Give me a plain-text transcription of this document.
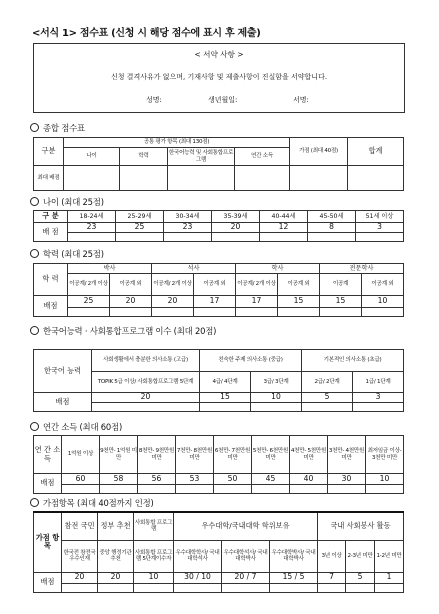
<서식 1> 점수표 (신청 시 해당 점수에 표시 후 제출)
< 서약 사항 >
신청 결격사유가 없으며, 기재사항 및 제출사항이 진실함을 서약합니다.
성명:	생년월일:	서명:
종합 점수표
구분	공통 평가 항목 (최대 130점)				가점 (최대 40점)	합계
	나이	학력	한국어능력 및 사회통합프로그램	연간 소득		
최대 배점						
나이 (최대 25점)
구 분	18-24세	25-29세	30-34세	35-39세	40-44세	45-50세	51세 이상
배 점	23	25	23	20	12	8	3

학력 (최대 25점)
학 력	박사		석사		학사		전문학사	
	이공계/ 2개 이상	이공계 외	이공계/ 2개 이상	이공계 외	이공계/ 2개 이상	이공계 외	이공계	이공계 외
배점	25	20	20	17	17	15	15	10

한국어능력 · 사회통합프로그램 이수 (최대 20점)
한국어 능력	사회생활에서 충분한 의사소통 (고급)	친숙한 주제 의사소통 (중급)		기본적인 의사소통 (초급)	
	TOPIK 5급 이상/ 사회통합프로그램 5단계	4급/ 4단계	3급/ 3단계	2급/ 2단계	1급/ 1단계
배점	20	15	10	5	3

연간 소득 (최대 60점)
연 간 소 득	1억원 이상	9천만- 1억원 미만	8천만- 9천만원 미만	7천만- 8천만원 미만	6천만- 7천만원 미만	5천만- 6천만원 미만	4천만- 5천만원 미만	3천만- 4천만원 미만	최저임금 이상- 3천만 미만
배점	60	58	56	53	50	45	40	30	10

가점항목 (최대 40점까지 인정)
가점 항목	참전 국민	정부 추천	사회통합 프로그램	우수대학/국내대학 학위보유			국내 사회봉사 활동		
	한국전 참전국 우수인재	중앙 행정기관 추천	사회통합 프로그램 5단계이수자	우수대학학사/ 국내대학석사	우수대학석사/ 국내대학박사	우수대학박사/ 국내대학박사	3년 이상	2-3년 미만	1-2년 미만
배점	20	20	10	30 / 10	20 / 7	15 / 5	7	5	1
